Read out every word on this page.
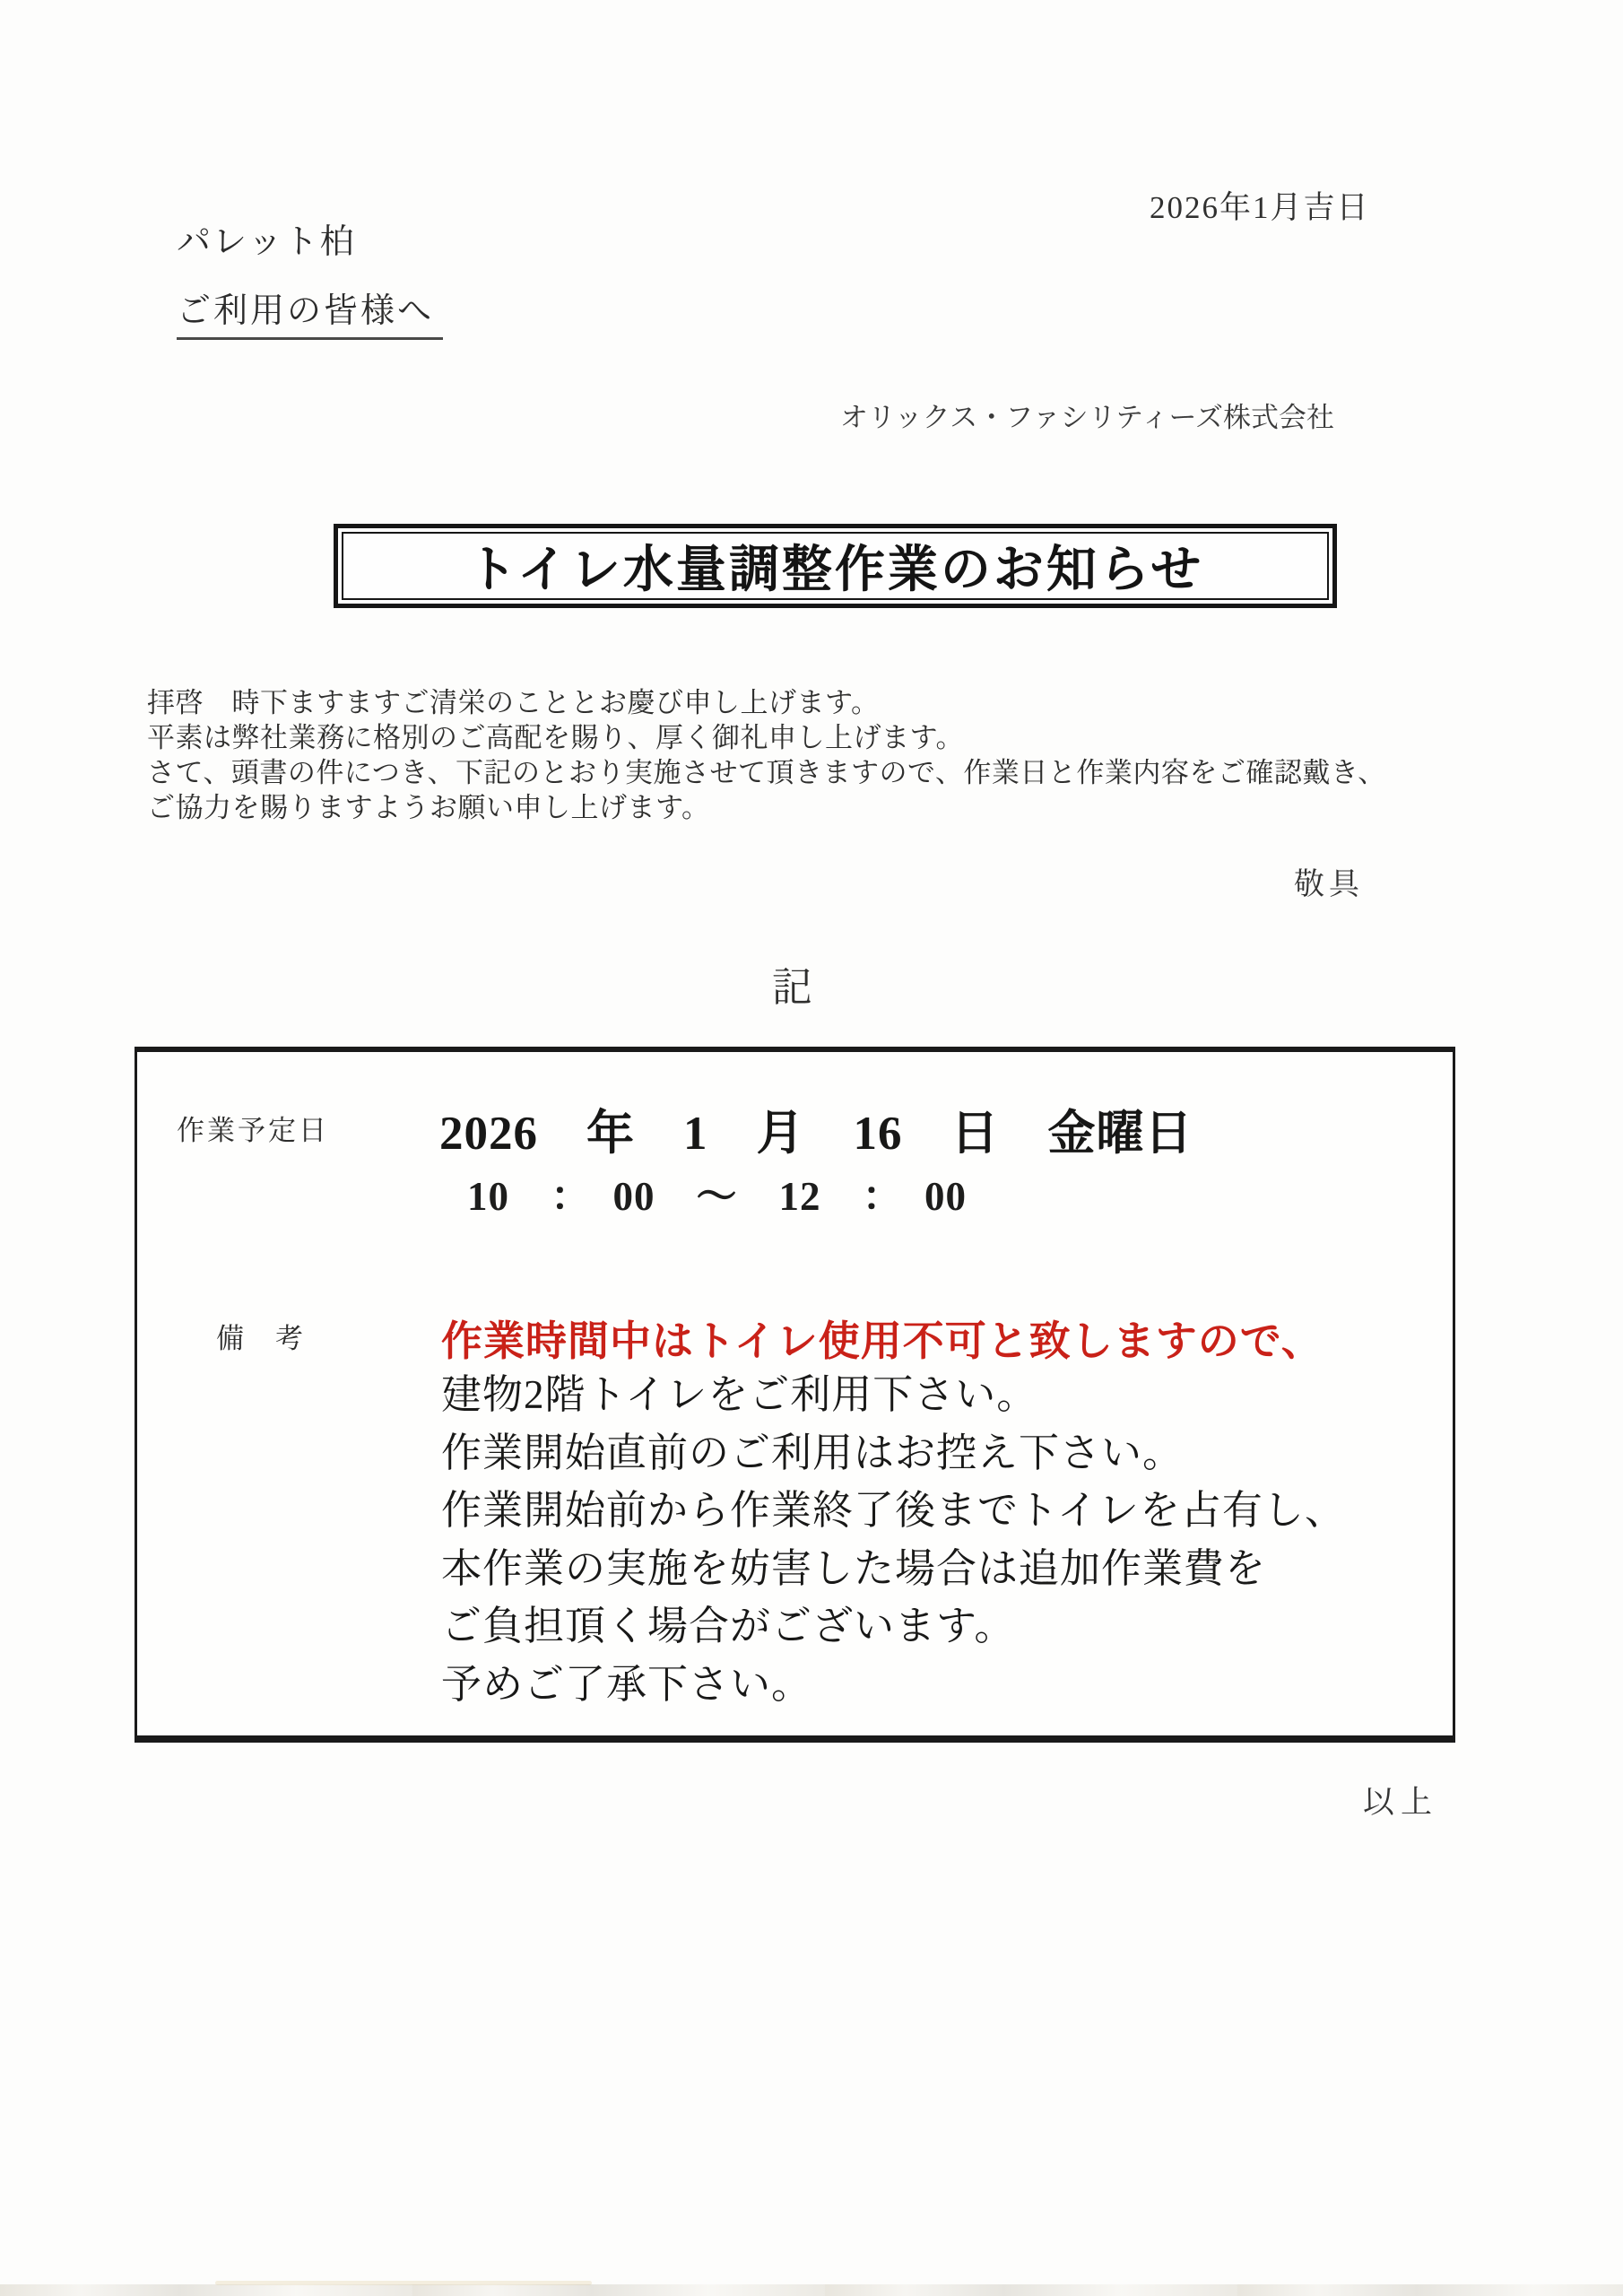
2026年1月吉日
パレット柏
ご利用の皆様へ
オリックス・ファシリティーズ株式会社
トイレ水量調整作業のお知らせ
拝啓　時下ますますご清栄のこととお慶び申し上げます。
平素は弊社業務に格別のご高配を賜り、厚く御礼申し上げます。
さて、頭書の件につき、下記のとおり実施させて頂きますので、作業日と作業内容をご確認戴き、
ご協力を賜りますようお願い申し上げます。
敬具
記
作業予定日 2026　年　1　月　16　日　金曜日
10　：　00　～　12　：　00
備　考	作業時間中はトイレ使用不可と致しますので、
建物2階トイレをご利用下さい。
作業開始直前のご利用はお控え下さい。
作業開始前から作業終了後までトイレを占有し、
本作業の実施を妨害した場合は追加作業費を
ご負担頂く場合がございます。
予めご了承下さい。
以上
